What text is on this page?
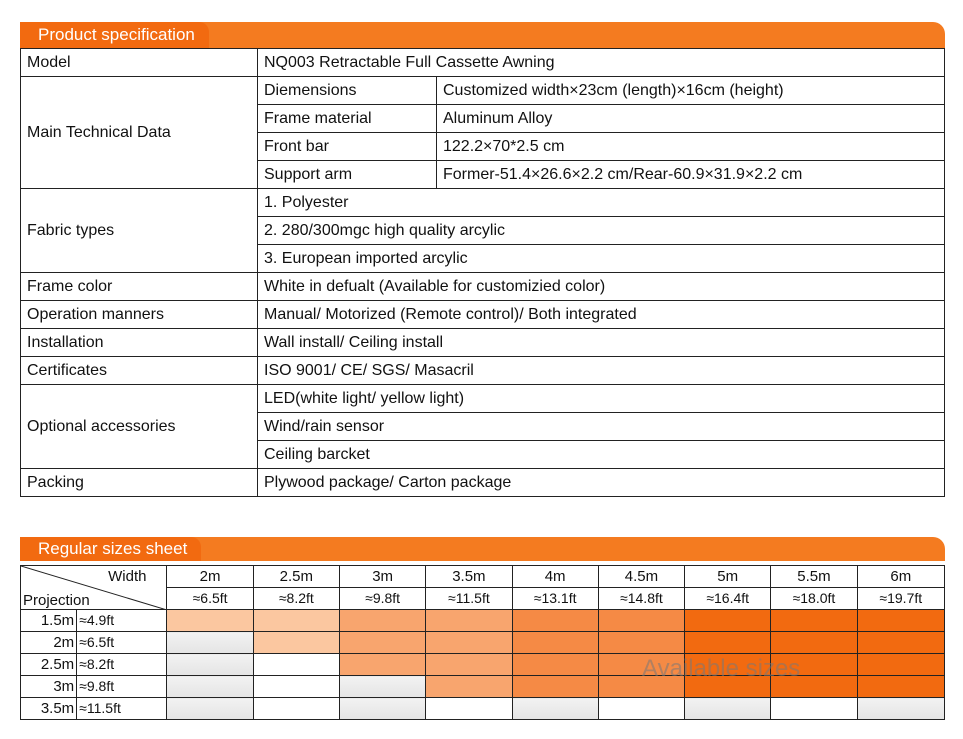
Product specification
Model	NQ003 Retractable Full Cassette Awning	
Main Technical Data	Diemensions	Customized width×23cm (length)×16cm (height)
	Frame material	Aluminum Alloy
	Front bar	122.2×70*2.5 cm
	Support arm	Former-51.4×26.6×2.2 cm/Rear-60.9×31.9×2.2 cm
Fabric types	1. Polyester	
	2. 280/300mgc high quality arcylic	
	3. European imported arcylic	
Frame color	White in defualt (Available for customizied color)	
Operation manners	Manual/ Motorized (Remote control)/ Both integrated	
Installation	Wall install/ Ceiling install	
Certificates	ISO 9001/ CE/ SGS/ Masacril	
Optional accessories	LED(white light/ yellow light)	
	Wind/rain sensor	
	Ceiling barcket	
Packing	Plywood package/ Carton package	
Regular sizes sheet
Width
Projection		2m	2.5m	3m	3.5m	4m	4.5m	5m	5.5m	6m
		≈6.5ft	≈8.2ft	≈9.8ft	≈11.5ft	≈13.1ft	≈14.8ft	≈16.4ft	≈18.0ft	≈19.7ft
1.5m	≈4.9ft									
2m	≈6.5ft									
2.5m	≈8.2ft									
3m	≈9.8ft									
3.5m	≈11.5ft									
Available sizes
